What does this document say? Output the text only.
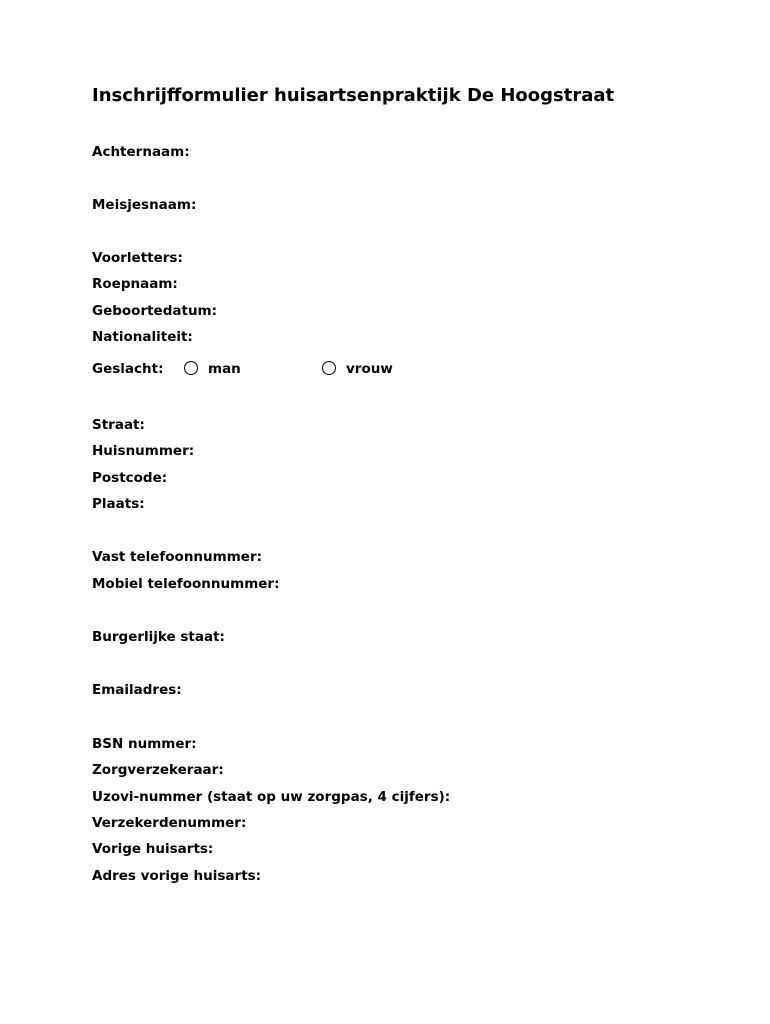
Inschrijfformulier huisartsenpraktijk De Hoogstraat
Achternaam:
Meisjesnaam:
Voorletters:
Roepnaam:
Geboortedatum:
Nationaliteit:
Geslacht:	man	vrouw
Straat:
Huisnummer:
Postcode:
Plaats:
Vast telefoonnummer:
Mobiel telefoonnummer:
Burgerlijke staat:
Emailadres:
BSN nummer:
Zorgverzekeraar:
Uzovi-nummer (staat op uw zorgpas, 4 cijfers):
Verzekerdenummer:
Vorige huisarts:
Adres vorige huisarts:
